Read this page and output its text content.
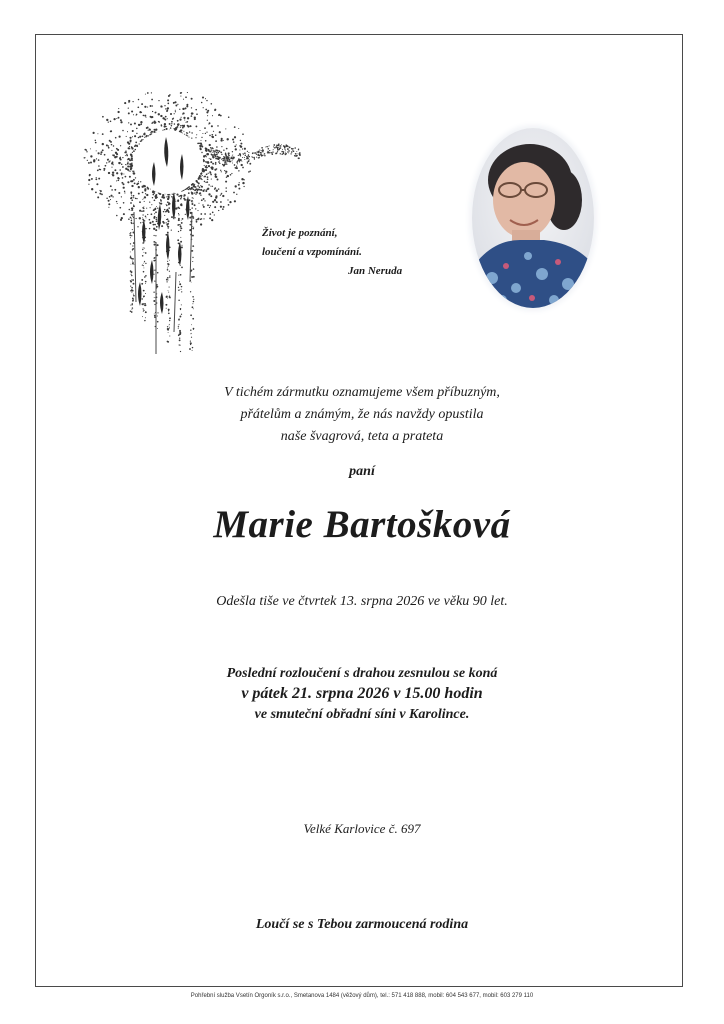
Život je poznání,
loučení a vzpomínání.

Jan Neruda
V tichém zármutku oznamujeme všem příbuzným,
přátelům a známým, že nás navždy opustila
naše švagrová, teta a prateta
paní
Marie Bartošková
Odešla tiše ve čtvrtek 13. srpna 2026 ve věku 90 let.
Poslední rozloučení s drahou zesnulou se koná
v pátek 21. srpna 2026 v 15.00 hodin
ve smuteční obřadní síni v Karolince.
Velké Karlovice č. 697
Loučí se s Tebou zarmoucená rodina
Pohřební služba Vsetín Orgoník s.r.o., Smetanova 1484 (věžový dům), tel.: 571 418 888, mobil: 604 543 677, mobil: 603 279 110
